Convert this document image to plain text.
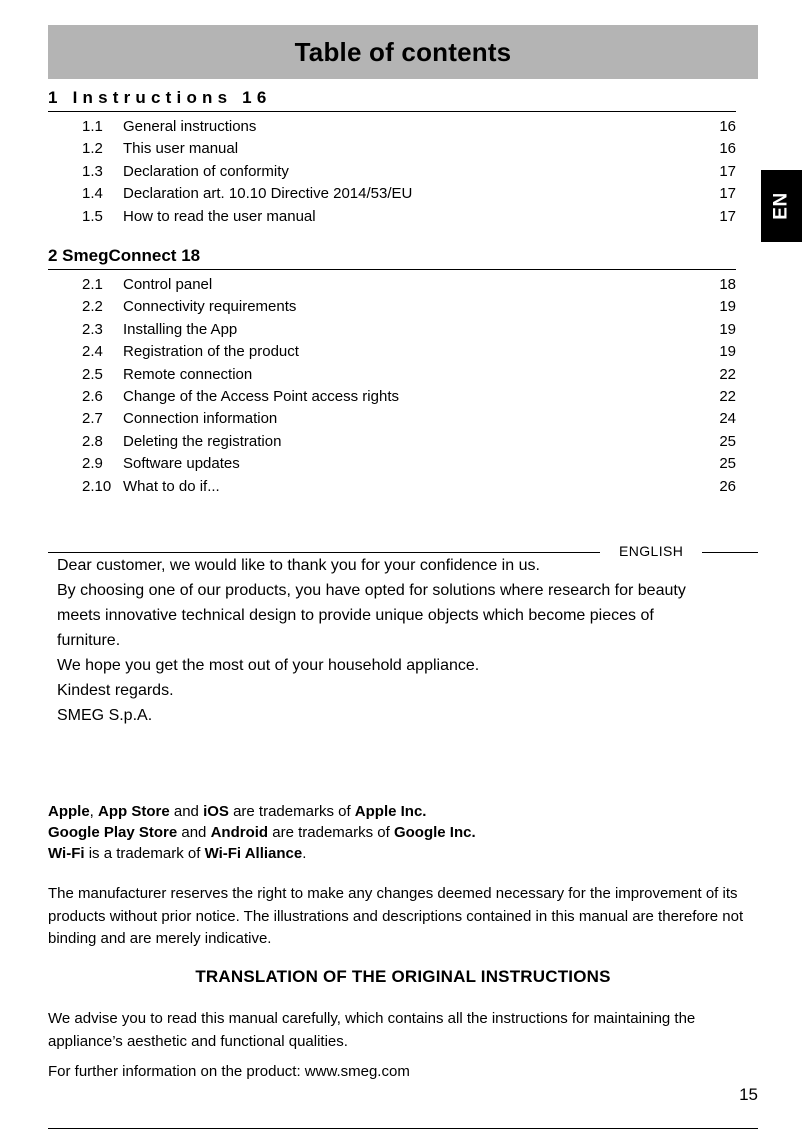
Table of contents
EN
1 Instructions 16
1.1	General instructions	16
1.2	This user manual	16
1.3	Declaration of conformity	17
1.4	Declaration art. 10.10 Directive 2014/53/EU	17
1.5	How to read the user manual	17
2 SmegConnect 18
2.1	Control panel	18
2.2	Connectivity requirements	19
2.3	Installing the App	19
2.4	Registration of the product	19
2.5	Remote connection	22
2.6	Change of the Access Point access rights	22
2.7	Connection information	24
2.8	Deleting the registration	25
2.9	Software updates	25
2.10 What to do if...	26
ENGLISH

Dear customer, we would like to thank you for your confidence in us.

By choosing one of our products, you have opted for solutions where research for beauty meets innovative technical design to provide unique objects which become pieces of furniture.

We hope you get the most out of your household appliance.

Kindest regards.

SMEG S.p.A.

Apple, App Store and iOS are trademarks of Apple Inc.

Google Play Store and Android are trademarks of Google Inc.

Wi-Fi is a trademark of Wi-Fi Alliance.

The manufacturer reserves the right to make any changes deemed necessary for the improvement of its products without prior notice. The illustrations and descriptions contained in this manual are therefore not binding and are merely indicative.

TRANSLATION OF THE ORIGINAL INSTRUCTIONS

We advise you to read this manual carefully, which contains all the instructions for maintaining the appliance’s aesthetic and functional qualities.

For further information on the product: www.smeg.com

15
